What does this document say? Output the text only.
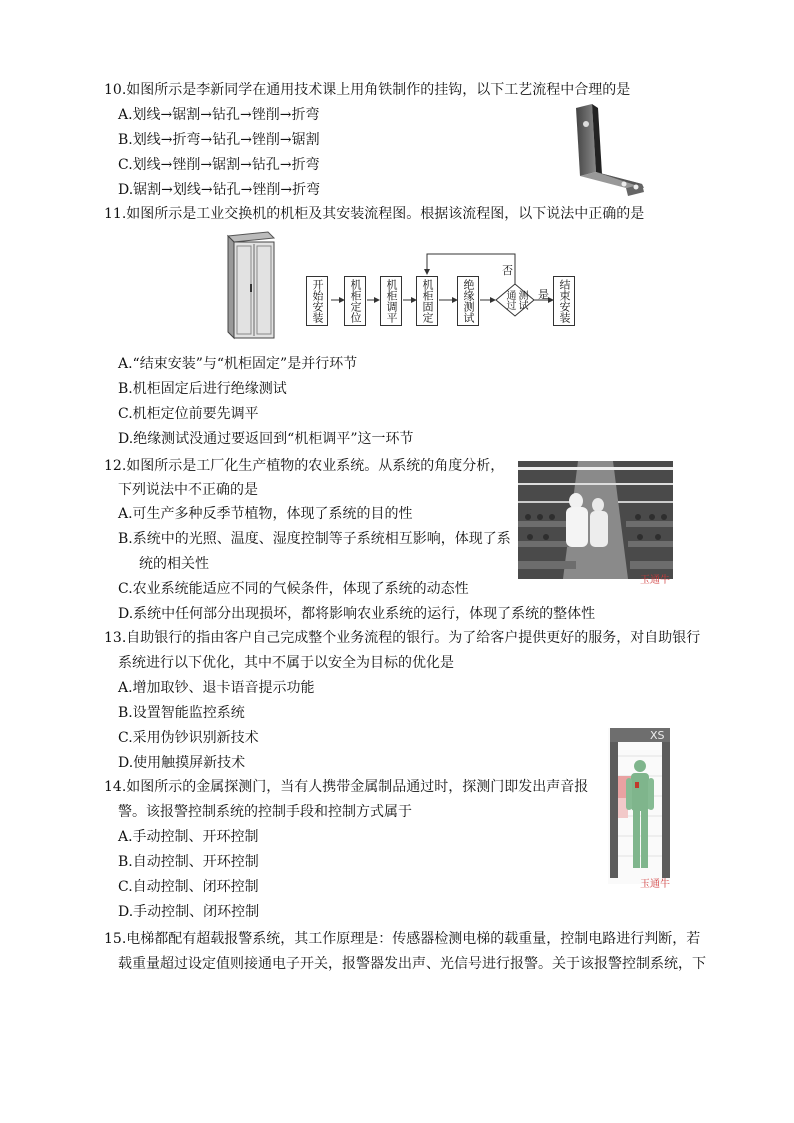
10.如图所示是李新同学在通用技术课上用角铁制作的挂钩，以下工艺流程中合理的是
A.划线→锯割→钻孔→锉削→折弯
B.划线→折弯→钻孔→锉削→锯割
C.划线→锉削→锯割→钻孔→折弯
D.锯割→划线→钻孔→锉削→折弯
11.如图所示是工业交换机的机柜及其安装流程图。根据该流程图，以下说法中正确的是
开始安装 机柜定位 机柜调平 机柜固定	绝缘测试	测试通过	结束安装
是
否
A.“结束安装”与“机柜固定”是并行环节
B.机柜固定后进行绝缘测试
C.机柜定位前要先调平
D.绝缘测试没通过要返回到“机柜调平”这一环节
12.如图所示是工厂化生产植物的农业系统。从系统的角度分析，
下列说法中不正确的是
A.可生产多种反季节植物，体现了系统的目的性
B.系统中的光照、温度、湿度控制等子系统相互影响，体现了系
统的相关性
C.农业系统能适应不同的气候条件，体现了系统的动态性
D.系统中任何部分出现损坏，都将影响农业系统的运行，体现了系统的整体性
玉通牛
13.自助银行的指由客户自己完成整个业务流程的银行。为了给客户提供更好的服务，对自助银行
系统进行以下优化，其中不属于以安全为目标的优化是
A.增加取钞、退卡语音提示功能
B.设置智能监控系统
C.采用伪钞识别新技术
D.使用触摸屏新技术
14.如图所示的金属探测门，当有人携带金属制品通过时，探测门即发出声音报
警。该报警控制系统的控制手段和控制方式属于
A.手动控制、开环控制
B.自动控制、开环控制
C.自动控制、闭环控制
D.手动控制、闭环控制
XS
玉通牛
15.电梯都配有超载报警系统，其工作原理是：传感器检测电梯的载重量，控制电路进行判断，若
载重量超过设定值则接通电子开关，报警器发出声、光信号进行报警。关于该报警控制系统，下
